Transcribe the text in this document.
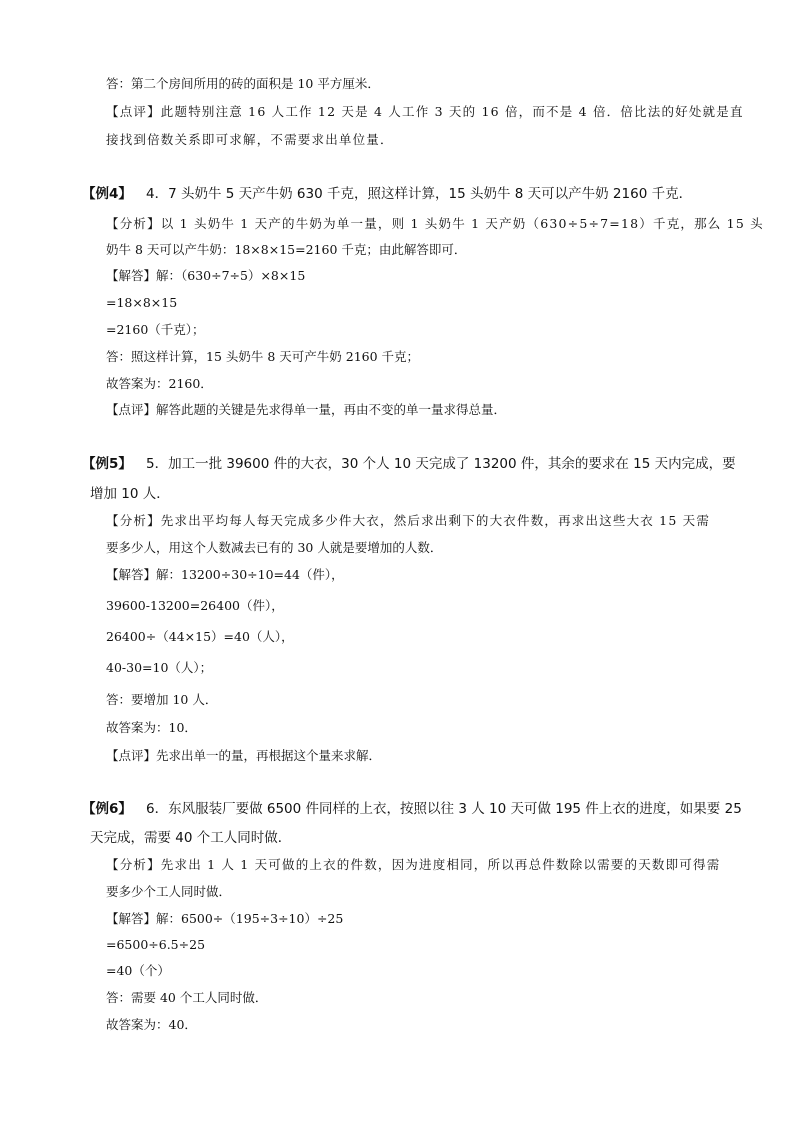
答：第二个房间所用的砖的面积是 10 平方厘米．
【点评】此题特别注意 16 人工作 12 天是 4 人工作 3 天的 16 倍，而不是 4 倍．倍比法的好处就是直
接找到倍数关系即可求解，不需要求出单位量．
【例4】 4．7 头奶牛 5 天产牛奶 630 千克，照这样计算，15 头奶牛 8 天可以产牛奶 2160 千克．
【分析】以 1 头奶牛 1 天产的牛奶为单一量，则 1 头奶牛 1 天产奶（630÷5÷7=18）千克，那么 15 头
奶牛 8 天可以产牛奶：18×8×15=2160 千克；由此解答即可．
【解答】解：（630÷7÷5）×8×15
=18×8×15
=2160（千克）；
答：照这样计算，15 头奶牛 8 天可产牛奶 2160 千克；
故答案为：2160．
【点评】解答此题的关键是先求得单一量，再由不变的单一量求得总量．
【例5】 5．加工一批 39600 件的大衣，30 个人 10 天完成了 13200 件，其余的要求在 15 天内完成，要
增加 10 人．
【分析】先求出平均每人每天完成多少件大衣，然后求出剩下的大衣件数，再求出这些大衣 15 天需
要多少人，用这个人数减去已有的 30 人就是要增加的人数．
【解答】解：13200÷30÷10=44（件），
39600-13200=26400（件），
26400÷（44×15）=40（人），
40-30=10（人）；
答：要增加 10 人．
故答案为：10．
【点评】先求出单一的量，再根据这个量来求解．
【例6】 6．东风服装厂要做 6500 件同样的上衣，按照以往 3 人 10 天可做 195 件上衣的进度，如果要 25
天完成，需要 40 个工人同时做．
【分析】先求出 1 人 1 天可做的上衣的件数，因为进度相同，所以再总件数除以需要的天数即可得需
要多少个工人同时做．
【解答】解：6500÷（195÷3÷10）÷25
=6500÷6.5÷25
=40（个）
答：需要 40 个工人同时做．
故答案为：40．
